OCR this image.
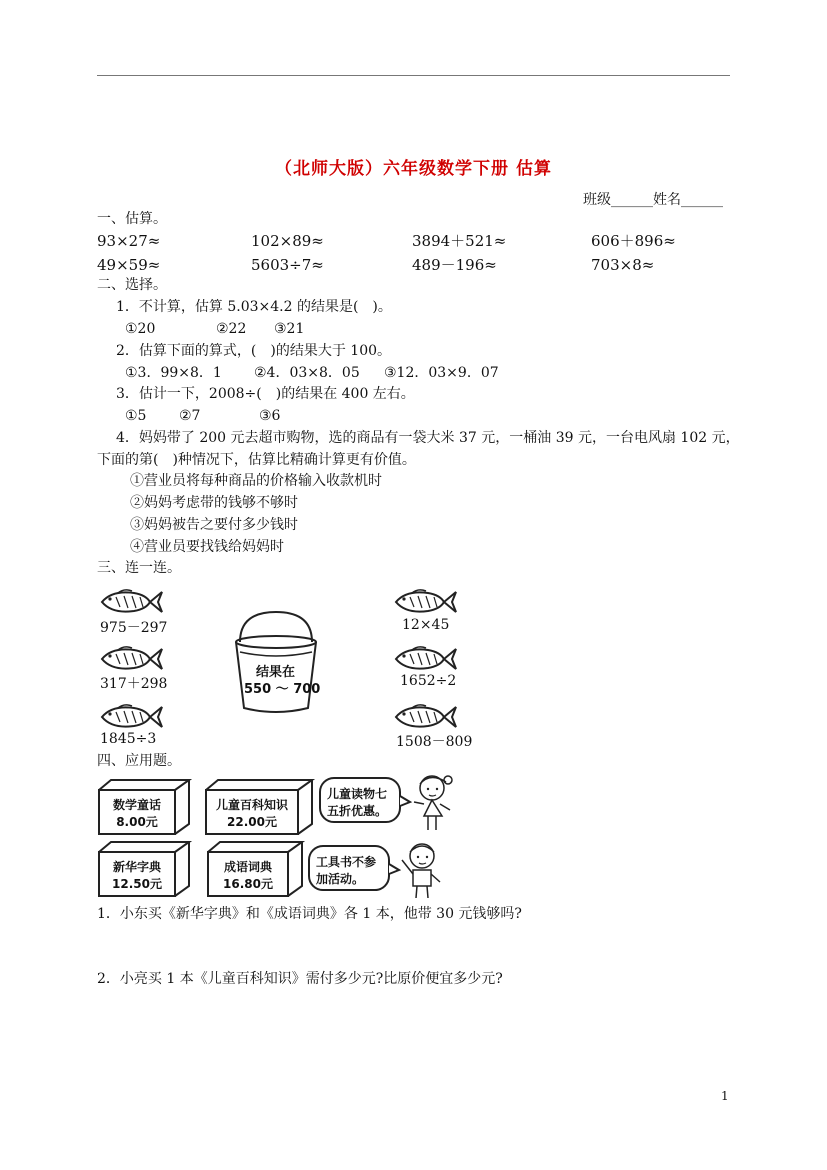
（北师大版）六年级数学下册 估算
班级______姓名______
一、估算。
93×27≈	102×89≈	3894＋521≈	606＋896≈
49×59≈	5603÷7≈	489－196≈	703×8≈
二、选择。
1．不计算，估算 5.03×4.2 的结果是(　)。
①20	②22 ③21
2．估算下面的算式，(　)的结果大于 100。
①3．99×8．1 ②4．03×8．05 ③12．03×9．07
3．估计一下，2008÷(　)的结果在 400 左右。
①5 ②7	③6
4．妈妈带了 200 元去超市购物，选的商品有一袋大米 37 元，一桶油 39 元，一台电风扇 102 元，
下面的第(　)种情况下，估算比精确计算更有价值。
①营业员将每种商品的价格输入收款机时
②妈妈考虑带的钱够不够时
③妈妈被告之要付多少钱时
④营业员要找钱给妈妈时
三、连一连。
975－297
317＋298
1845÷3
结果在
550 ～ 700
12×45
1652÷2
1508－809
四、应用题。
数学童话
8.00元
儿童百科知识
22.00元
新华字典
12.50元
成语词典
16.80元
儿童读物七
五折优惠。
工具书不参
加活动。
1．小东买《新华字典》和《成语词典》各 1 本，他带 30 元钱够吗?
2．小亮买 1 本《儿童百科知识》需付多少元?比原价便宜多少元?
1
